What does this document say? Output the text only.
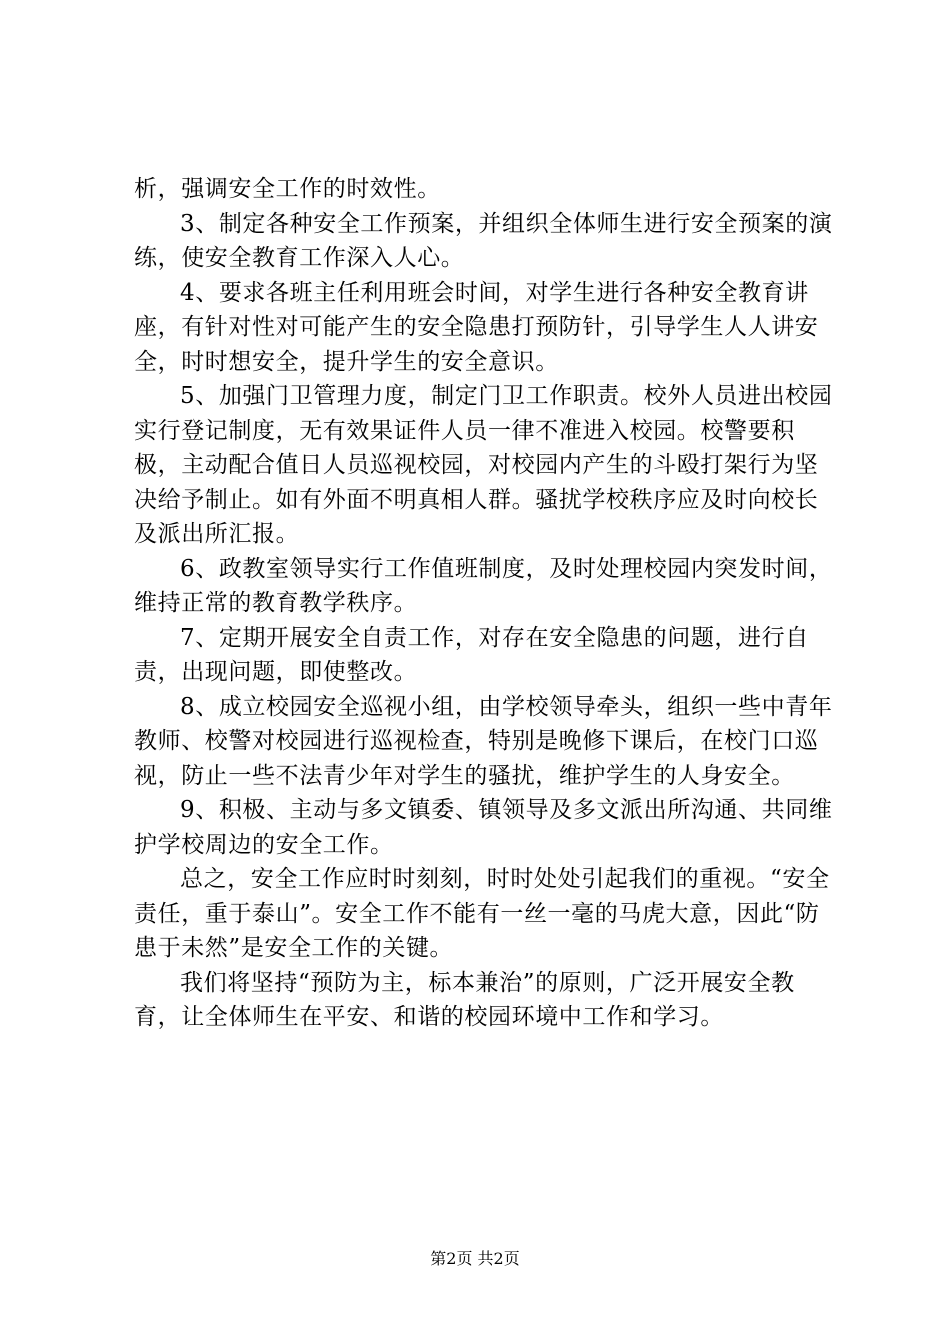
析，强调安全工作的时效性。

3、制定各种安全工作预案，并组织全体师生进行安全预案的演练，使安全教育工作深入人心。

4、要求各班主任利用班会时间，对学生进行各种安全教育讲座，有针对性对可能产生的安全隐患打预防针，引导学生人人讲安全，时时想安全，提升学生的安全意识。

5、加强门卫管理力度，制定门卫工作职责。校外人员进出校园实行登记制度，无有效果证件人员一律不准进入校园。校警要积极，主动配合值日人员巡视校园，对校园内产生的斗殴打架行为坚决给予制止。如有外面不明真相人群。骚扰学校秩序应及时向校长及派出所汇报。

6、政教室领导实行工作值班制度，及时处理校园内突发时间，维持正常的教育教学秩序。

7、定期开展安全自责工作，对存在安全隐患的问题，进行自责，出现问题，即使整改。

8、成立校园安全巡视小组，由学校领导牵头，组织一些中青年教师、校警对校园进行巡视检查，特别是晚修下课后，在校门口巡视，防止一些不法青少年对学生的骚扰，维护学生的人身安全。

9、积极、主动与多文镇委、镇领导及多文派出所沟通、共同维护学校周边的安全工作。

总之，安全工作应时时刻刻，时时处处引起我们的重视。“安全责任，重于泰山”。安全工作不能有一丝一毫的马虎大意，因此“防患于未然”是安全工作的关键。

我们将坚持“预防为主，标本兼治”的原则，广泛开展安全教育，让全体师生在平安、和谐的校园环境中工作和学习。

第2页 共2页
